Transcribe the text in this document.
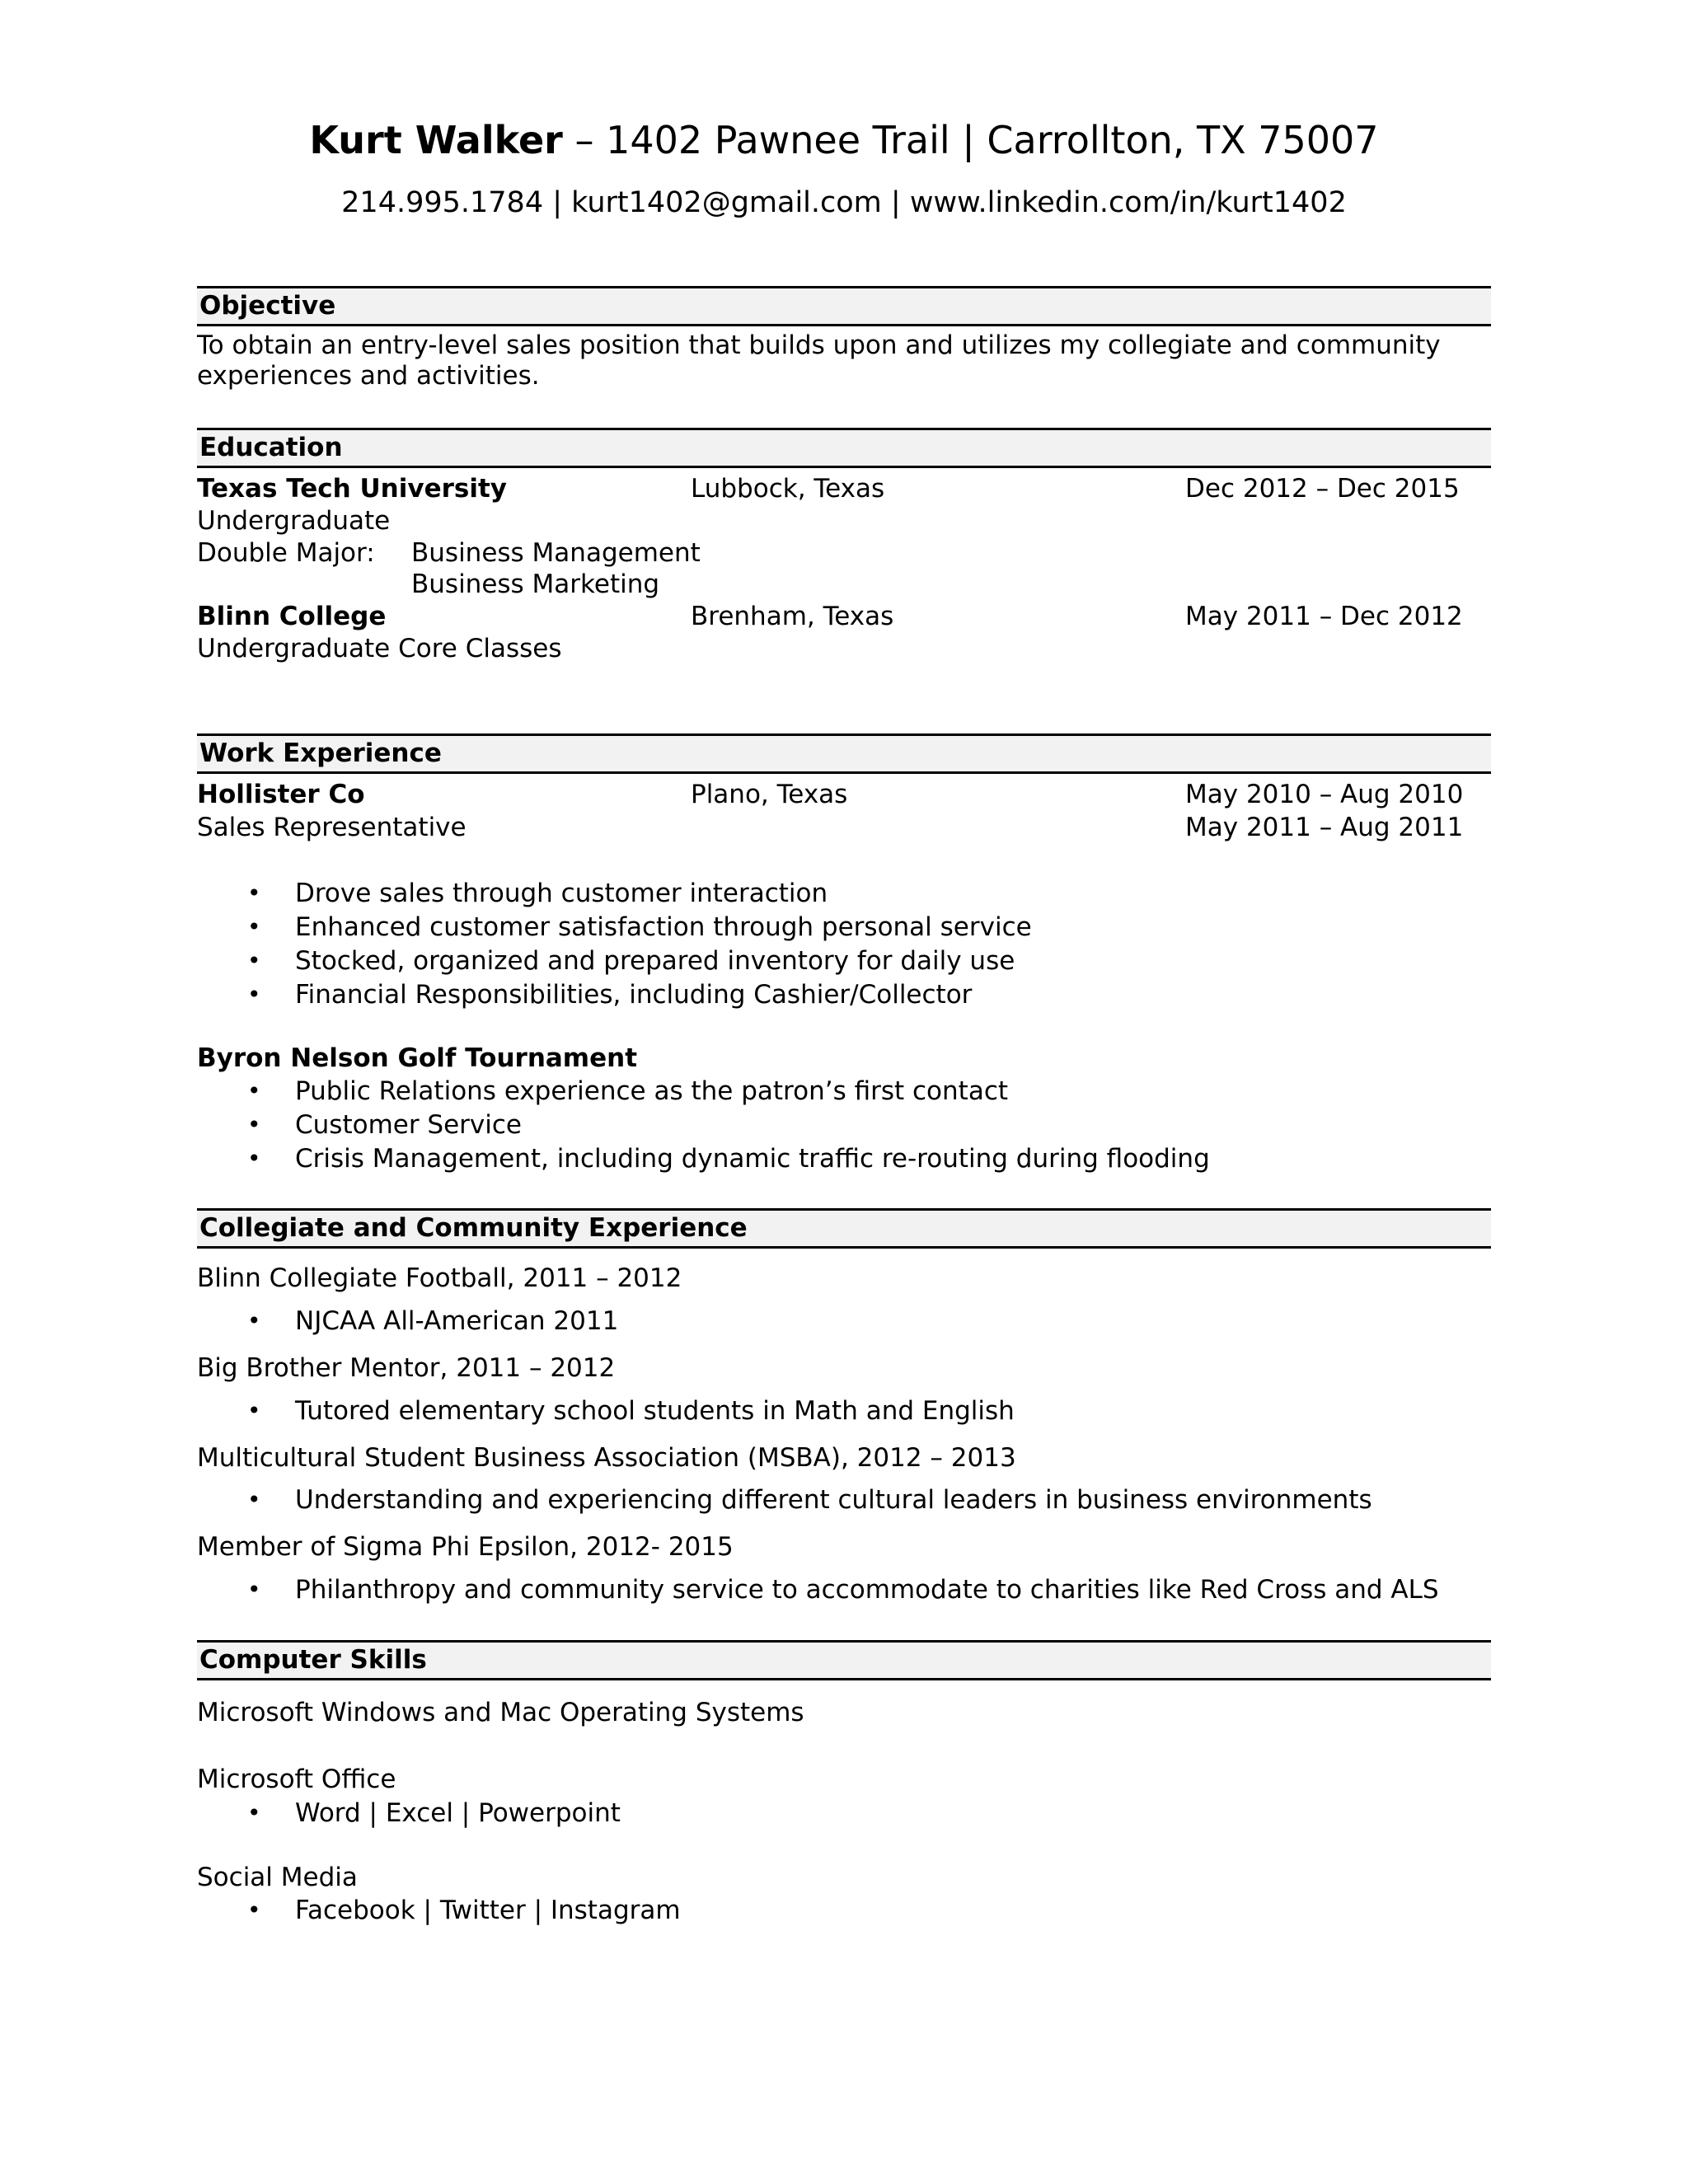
Kurt Walker – 1402 Pawnee Trail | Carrollton, TX 75007
214.995.1784 | kurt1402@gmail.com | www.linkedin.com/in/kurt1402
Objective
To obtain an entry-level sales position that builds upon and utilizes my collegiate and community
experiences and activities.
Education
Texas Tech University	Lubbock, Texas	Dec 2012 – Dec 2015
Undergraduate
Double Major: Business Management
Business Marketing
Blinn College	Brenham, Texas	May 2011 – Dec 2012
Undergraduate Core Classes
Work Experience
Hollister Co	Plano, Texas	May 2010 – Aug 2010
Sales Representative	May 2011 – Aug 2011
• Drove sales through customer interaction
• Enhanced customer satisfaction through personal service
• Stocked, organized and prepared inventory for daily use
• Financial Responsibilities, including Cashier/Collector
Byron Nelson Golf Tournament
• Public Relations experience as the patron’s first contact
• Customer Service
• Crisis Management, including dynamic traffic re-routing during flooding
Collegiate and Community Experience
Blinn Collegiate Football, 2011 – 2012
• NJCAA All-American 2011
Big Brother Mentor, 2011 – 2012
• Tutored elementary school students in Math and English
Multicultural Student Business Association (MSBA), 2012 – 2013
• Understanding and experiencing different cultural leaders in business environments
Member of Sigma Phi Epsilon, 2012- 2015
• Philanthropy and community service to accommodate to charities like Red Cross and ALS
Computer Skills
Microsoft Windows and Mac Operating Systems
Microsoft Office
• Word | Excel | Powerpoint
Social Media
• Facebook | Twitter | Instagram
